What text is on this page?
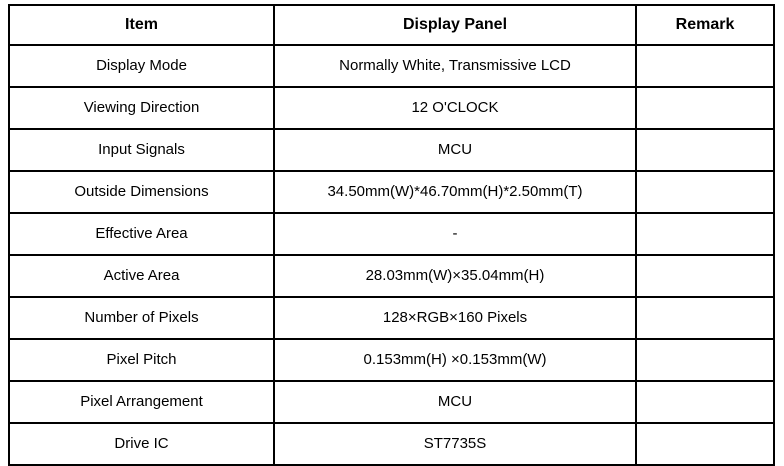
Item	Display Panel	Remark

Display Mode	Normally White, Transmissive LCD	

Viewing Direction	12 O'CLOCK	

Input Signals	MCU	

Outside Dimensions	34.50mm(W)*46.70mm(H)*2.50mm(T)	

Effective Area	-	

Active Area	28.03mm(W)×35.04mm(H)	

Number of Pixels	128×RGB×160 Pixels	

Pixel Pitch	0.153mm(H) ×0.153mm(W)	

Pixel Arrangement	MCU	

Drive IC	ST7735S	
